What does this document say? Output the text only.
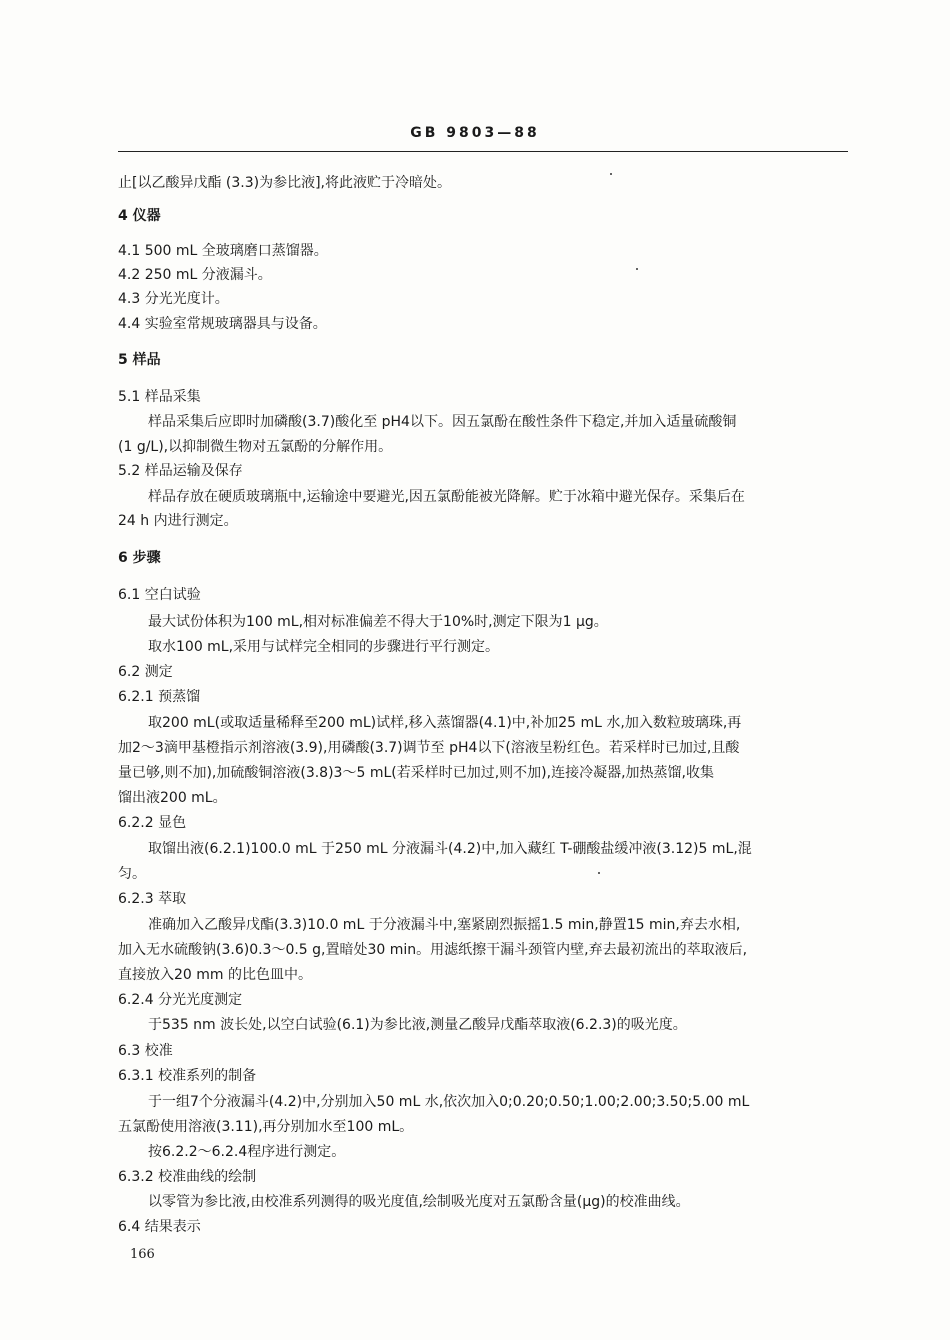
GB 9803—88
止[以乙酸异戊酯 (3.3)为参比液],将此液贮于冷暗处。
4 仪器
4.1 500 mL 全玻璃磨口蒸馏器。
4.2 250 mL 分液漏斗。
4.3 分光光度计。
4.4 实验室常规玻璃器具与设备。
5 样品
5.1 样品采集
样品采集后应即时加磷酸(3.7)酸化至 pH4以下。因五氯酚在酸性条件下稳定,并加入适量硫酸铜
(1 g/L),以抑制微生物对五氯酚的分解作用。
5.2 样品运输及保存
样品存放在硬质玻璃瓶中,运输途中要避光,因五氯酚能被光降解。贮于冰箱中避光保存。采集后在
24 h 内进行测定。
6 步骤
6.1 空白试验
最大试份体积为100 mL,相对标准偏差不得大于10%时,测定下限为1 μg。
取水100 mL,采用与试样完全相同的步骤进行平行测定。
6.2 测定
6.2.1 预蒸馏
取200 mL(或取适量稀释至200 mL)试样,移入蒸馏器(4.1)中,补加25 mL 水,加入数粒玻璃珠,再
加2～3滴甲基橙指示剂溶液(3.9),用磷酸(3.7)调节至 pH4以下(溶液呈粉红色。若采样时已加过,且酸
量已够,则不加),加硫酸铜溶液(3.8)3～5 mL(若采样时已加过,则不加),连接冷凝器,加热蒸馏,收集
馏出液200 mL。
6.2.2 显色
取馏出液(6.2.1)100.0 mL 于250 mL 分液漏斗(4.2)中,加入藏红 T-硼酸盐缓冲液(3.12)5 mL,混
匀。
6.2.3 萃取
准确加入乙酸异戊酯(3.3)10.0 mL 于分液漏斗中,塞紧剧烈振摇1.5 min,静置15 min,弃去水相,
加入无水硫酸钠(3.6)0.3～0.5 g,置暗处30 min。用滤纸擦干漏斗颈管内壁,弃去最初流出的萃取液后,
直接放入20 mm 的比色皿中。
6.2.4 分光光度测定
于535 nm 波长处,以空白试验(6.1)为参比液,测量乙酸异戊酯萃取液(6.2.3)的吸光度。
6.3 校准
6.3.1 校准系列的制备
于一组7个分液漏斗(4.2)中,分别加入50 mL 水,依次加入0;0.20;0.50;1.00;2.00;3.50;5.00 mL
五氯酚使用溶液(3.11),再分别加水至100 mL。
按6.2.2～6.2.4程序进行测定。
6.3.2 校准曲线的绘制
以零管为参比液,由校准系列测得的吸光度值,绘制吸光度对五氯酚含量(μg)的校准曲线。
6.4 结果表示
166
